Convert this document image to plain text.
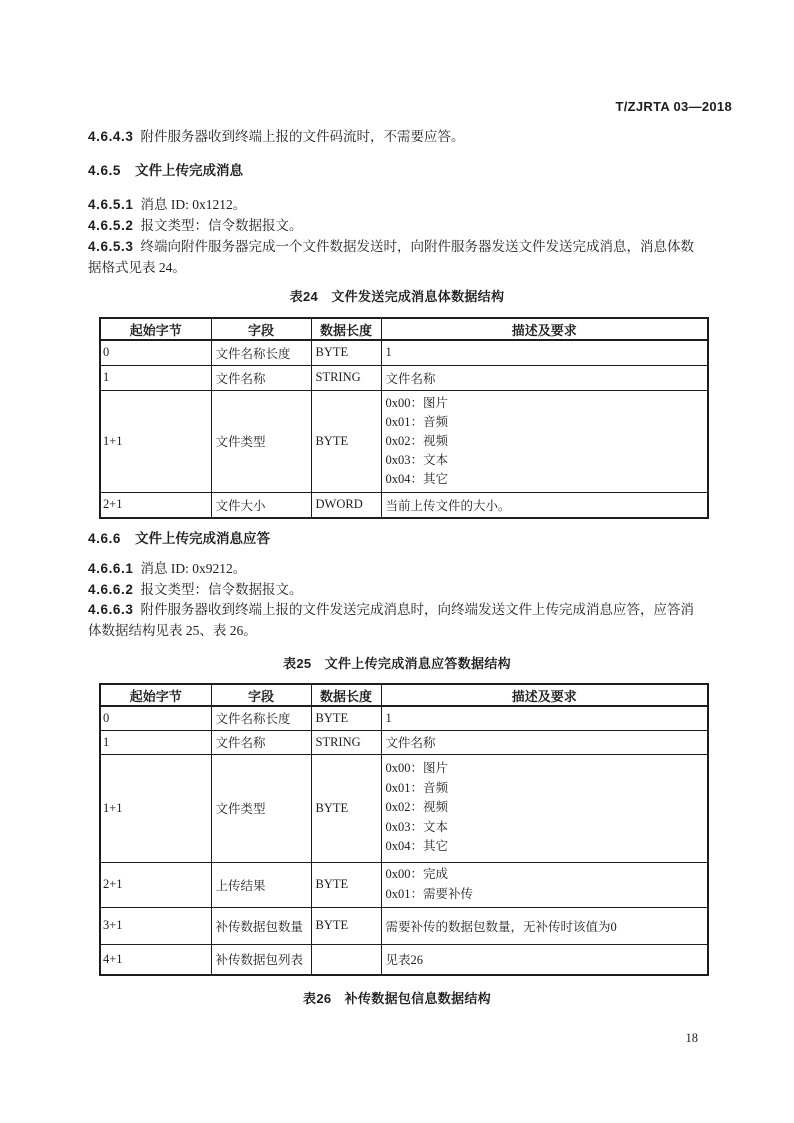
T/ZJRTA 03—2018
4.6.4.3 附件服务器收到终端上报的文件码流时，不需要应答。
4.6.5 文件上传完成消息
4.6.5.1 消息 ID: 0x1212。
4.6.5.2 报文类型：信令数据报文。
4.6.5.3 终端向附件服务器完成一个文件数据发送时，向附件服务器发送文件发送完成消息，消息体数
据格式见表 24。
表24　文件发送完成消息体数据结构
起始字节	字段	数据长度	描述及要求
0	文件名称长度	BYTE	1
1	文件名称	STRING	文件名称
1+1	文件类型	BYTE	0x00：图片
0x01：音频
0x02：视频
0x03：文本
0x04：其它

2+1	文件大小	DWORD	当前上传文件的大小。
4.6.6 文件上传完成消息应答
4.6.6.1 消息 ID: 0x9212。
4.6.6.2 报文类型：信令数据报文。
4.6.6.3 附件服务器收到终端上报的文件发送完成消息时，向终端发送文件上传完成消息应答，应答消
体数据结构见表 25、表 26。
表25　文件上传完成消息应答数据结构
起始字节	字段	数据长度	描述及要求
0	文件名称长度	BYTE	1
1	文件名称	STRING	文件名称
1+1	文件类型	BYTE	0x00：图片
0x01：音频
0x02：视频
0x03：文本
0x04：其它

2+1	上传结果	BYTE	0x00：完成
0x01：需要补传

3+1	补传数据包数量	BYTE	需要补传的数据包数量，无补传时该值为0
4+1	补传数据包列表		见表26
表26　补传数据包信息数据结构
18
